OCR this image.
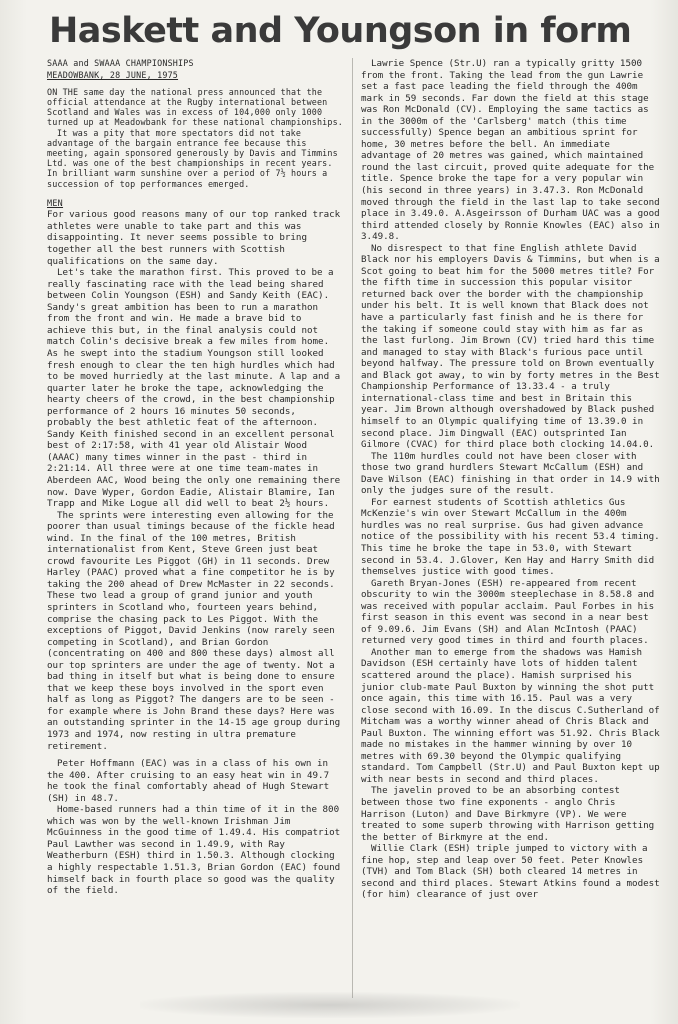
Haskett and Youngson in form

SAAA and SWAAA CHAMPIONSHIPS

MEADOWBANK, 28 JUNE, 1975

ON THE same day the national press announced that the official attendance at the Rugby international between Scotland and Wales was in excess of 104,000 only 1000 turned up at Meadowbank for these national championships.

It was a pity that more spectators did not take advantage of the bargain entrance fee because this meeting, again sponsored generously by Davis and Timmins Ltd. was one of the best championships in recent years. In brilliant warm sunshine over a period of 7½ hours a succession of top performances emerged.

MEN

For various good reasons many of our top ranked track athletes were unable to take part and this was disappointing. It never seems possible to bring together all the best runners with Scottish qualifications on the same day.

Let's take the marathon first. This proved to be a really fascinating race with the lead being shared between Colin Youngson (ESH) and Sandy Keith (EAC). Sandy's great ambition has been to run a marathon from the front and win. He made a brave bid to achieve this but, in the final analysis could not match Colin's decisive break a few miles from home. As he swept into the stadium Youngson still looked fresh enough to clear the ten high hurdles which had to be moved hurriedly at the last minute. A lap and a quarter later he broke the tape, acknowledging the hearty cheers of the crowd, in the best championship performance of 2 hours 16 minutes 50 seconds, probably the best athletic feat of the afternoon. Sandy Keith finished second in an excellent personal best of 2:17:58, with 41 year old Alistair Wood (AAAC) many times winner in the past - third in 2:21:14. All three were at one time team-mates in Aberdeen AAC, Wood being the only one remaining there now. Dave Wyper, Gordon Eadie, Alistair Blamire, Ian Trapp and Mike Logue all did well to beat 2½ hours.

The sprints were interesting even allowing for the poorer than usual timings because of the fickle head wind. In the final of the 100 metres, British internationalist from Kent, Steve Green just beat crowd favourite Les Piggot (GH) in 11 seconds. Drew Harley (PAAC) proved what a fine competitor he is by taking the 200 ahead of Drew McMaster in 22 seconds. These two lead a group of grand junior and youth sprinters in Scotland who, fourteen years behind, comprise the chasing pack to Les Piggot. With the exceptions of Piggot, David Jenkins (now rarely seen competing in Scotland), and Brian Gordon (concentrating on 400 and 800 these days) almost all our top sprinters are under the age of twenty. Not a bad thing in itself but what is being done to ensure that we keep these boys involved in the sport even half as long as Piggot? The dangers are to be seen - for example where is John Brand these days? Here was an outstanding sprinter in the 14-15 age group during 1973 and 1974, now resting in ultra premature retirement.

Peter Hoffmann (EAC) was in a class of his own in the 400. After cruising to an easy heat win in 49.7 he took the final comfortably ahead of Hugh Stewart (SH) in 48.7.

Home-based runners had a thin time of it in the 800 which was won by the well-known Irishman Jim McGuinness in the good time of 1.49.4. His compatriot Paul Lawther was second in 1.49.9, with Ray Weatherburn (ESH) third in 1.50.3. Although clocking a highly respectable 1.51.3, Brian Gordon (EAC) found himself back in fourth place so good was the quality of the field.

Lawrie Spence (Str.U) ran a typically gritty 1500 from the front. Taking the lead from the gun Lawrie set a fast pace leading the field through the 400m mark in 59 seconds. Far down the field at this stage was Ron McDonald (CV). Employing the same tactics as in the 3000m of the 'Carlsberg' match (this time successfully) Spence began an ambitious sprint for home, 30 metres before the bell. An immediate advantage of 20 metres was gained, which maintained round the last circuit, proved quite adequate for the title. Spence broke the tape for a very popular win (his second in three years) in 3.47.3. Ron McDonald moved through the field in the last lap to take second place in 3.49.0. A.Asgeirsson of Durham UAC was a good third attended closely by Ronnie Knowles (EAC) also in 3.49.8.

No disrespect to that fine English athlete David Black nor his employers Davis & Timmins, but when is a Scot going to beat him for the 5000 metres title? For the fifth time in succession this popular visitor returned back over the border with the championship under his belt. It is well known that Black does not have a particularly fast finish and he is there for the taking if someone could stay with him as far as the last furlong. Jim Brown (CV) tried hard this time and managed to stay with Black's furious pace until beyond halfway. The pressure told on Brown eventually and Black got away, to win by forty metres in the Best Championship Performance of 13.33.4 - a truly international-class time and best in Britain this year. Jim Brown although overshadowed by Black pushed himself to an Olympic qualifying time of 13.39.0 in second place. Jim Dingwall (EAC) outsprinted Ian Gilmore (CVAC) for third place both clocking 14.04.0.

The 110m hurdles could not have been closer with those two grand hurdlers Stewart McCallum (ESH) and Dave Wilson (EAC) finishing in that order in 14.9 with only the judges sure of the result.

For earnest students of Scottish athletics Gus McKenzie's win over Stewart McCallum in the 400m hurdles was no real surprise. Gus had given advance notice of the possibility with his recent 53.4 timing. This time he broke the tape in 53.0, with Stewart second in 53.4. J.Glover, Ken Hay and Harry Smith did themselves justice with good times.

Gareth Bryan-Jones (ESH) re-appeared from recent obscurity to win the 3000m steeplechase in 8.58.8 and was received with popular acclaim. Paul Forbes in his first season in this event was second in a near best of 9.09.6. Jim Evans (SH) and Alan McIntosh (PAAC) returned very good times in third and fourth places.

Another man to emerge from the shadows was Hamish Davidson (ESH certainly have lots of hidden talent scattered around the place). Hamish surprised his junior club-mate Paul Buxton by winning the shot putt once again, this time with 16.15. Paul was a very close second with 16.09. In the discus C.Sutherland of Mitcham was a worthy winner ahead of Chris Black and Paul Buxton. The winning effort was 51.92. Chris Black made no mistakes in the hammer winning by over 10 metres with 69.30 beyond the Olympic qualifying standard. Tom Campbell (Str.U) and Paul Buxton kept up with near bests in second and third places.

The javelin proved to be an absorbing contest between those two fine exponents - anglo Chris Harrison (Luton) and Dave Birkmyre (VP). We were treated to some superb throwing with Harrison getting the better of Birkmyre at the end.

Willie Clark (ESH) triple jumped to victory with a fine hop, step and leap over 50 feet. Peter Knowles (TVH) and Tom Black (SH) both cleared 14 metres in second and third places. Stewart Atkins found a modest (for him) clearance of just over
